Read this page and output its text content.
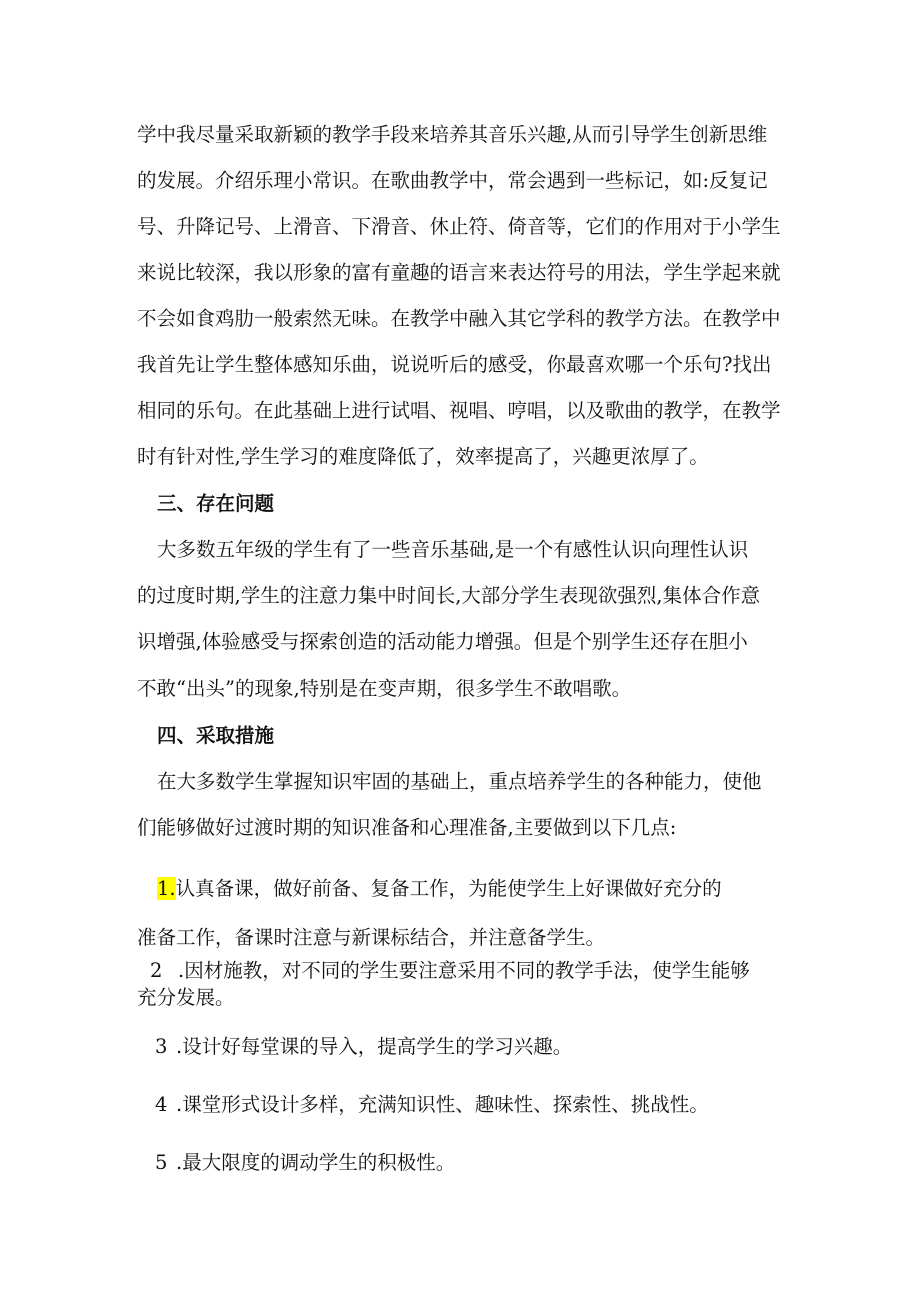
学中我尽量采取新颖的教学手段来培养其音乐兴趣,从而引导学生创新思维
的发展。介绍乐理小常识。在歌曲教学中，常会遇到一些标记，如:反复记
号、升降记号、上滑音、下滑音、休止符、倚音等，它们的作用对于小学生
来说比较深，我以形象的富有童趣的语言来表达符号的用法，学生学起来就
不会如食鸡肋一般索然无味。在教学中融入其它学科的教学方法。在教学中
我首先让学生整体感知乐曲，说说听后的感受，你最喜欢哪一个乐句?找出
相同的乐句。在此基础上进行试唱、视唱、哼唱，以及歌曲的教学，在教学
时有针对性,学生学习的难度降低了，效率提高了，兴趣更浓厚了。
三、存在问题
大多数五年级的学生有了一些音乐基础,是一个有感性认识向理性认识
的过度时期,学生的注意力集中时间长,大部分学生表现欲强烈,集体合作意
识增强,体验感受与探索创造的活动能力增强。但是个别学生还存在胆小
不敢“出头”的现象,特别是在变声期，很多学生不敢唱歌。
四、采取措施
在大多数学生掌握知识牢固的基础上，重点培养学生的各种能力，使他
们能够做好过渡时期的知识准备和心理准备,主要做到以下几点:
1.认真备课，做好前备、复备工作，为能使学生上好课做好充分的
准备工作，备课时注意与新课标结合，并注意备学生。
2 .因材施教，对不同的学生要注意采用不同的教学手法，使学生能够
充分发展。
3 .设计好每堂课的导入，提高学生的学习兴趣。
4 .课堂形式设计多样，充满知识性、趣味性、探索性、挑战性。
5 .最大限度的调动学生的积极性。
